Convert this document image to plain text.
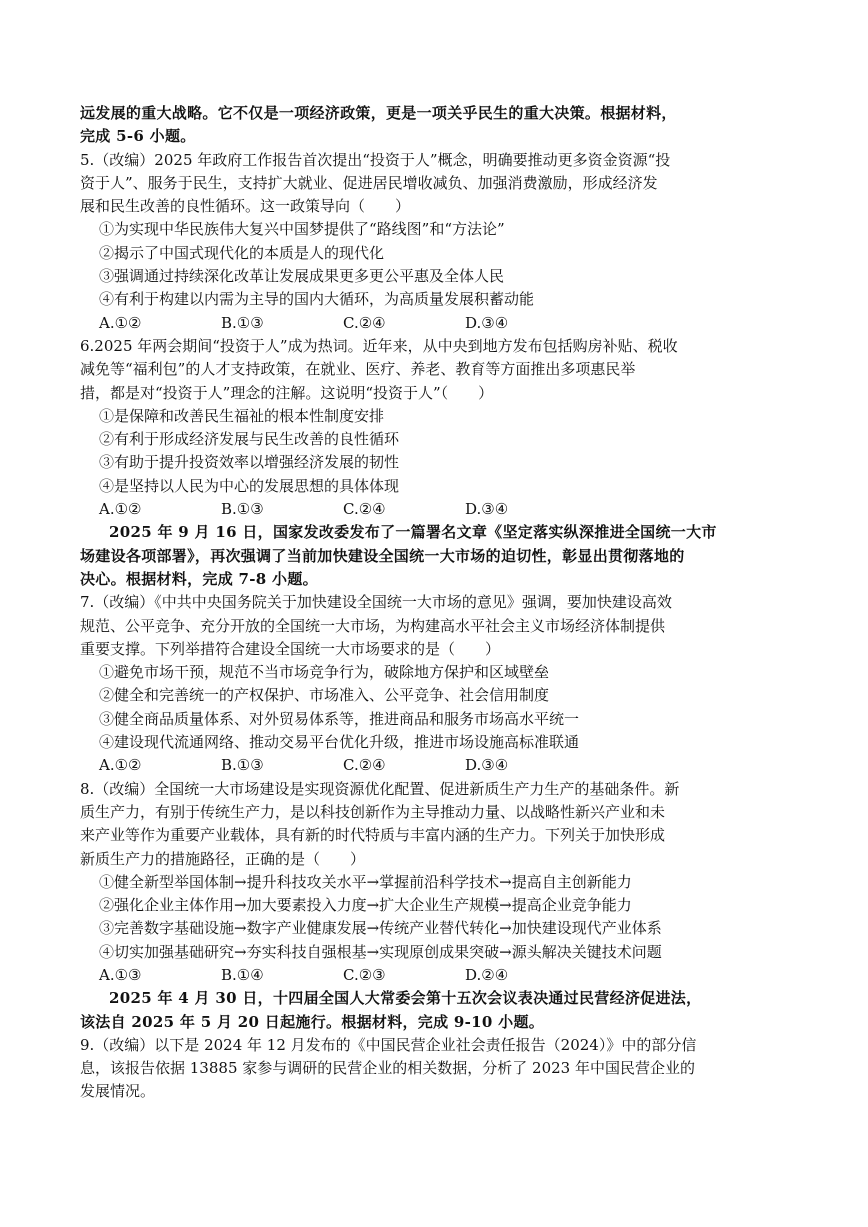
远发展的重大战略。它不仅是一项经济政策，更是一项关乎民生的重大决策。根据材料，
完成 5-6 小题。
5.（改编）2025 年政府工作报告首次提出“投资于人”概念，明确要推动更多资金资源“投
资于人”、服务于民生，支持扩大就业、促进居民增收减负、加强消费激励，形成经济发
展和民生改善的良性循环。这一政策导向（　　）
①为实现中华民族伟大复兴中国梦提供了“路线图”和“方法论”
②揭示了中国式现代化的本质是人的现代化
③强调通过持续深化改革让发展成果更多更公平惠及全体人民
④有利于构建以内需为主导的国内大循环，为高质量发展积蓄动能
A.①②	B.①③	C.②④	D.③④
6.2025 年两会期间“投资于人”成为热词。近年来，从中央到地方发布包括购房补贴、税收
减免等“福利包”的人才支持政策，在就业、医疗、养老、教育等方面推出多项惠民举
措，都是对“投资于人”理念的注解。这说明“投资于人”（　　）
①是保障和改善民生福祉的根本性制度安排
②有利于形成经济发展与民生改善的良性循环
③有助于提升投资效率以增强经济发展的韧性
④是坚持以人民为中心的发展思想的具体体现
A.①②	B.①③	C.②④	D.③④
2025 年 9 月 16 日，国家发改委发布了一篇署名文章《坚定落实纵深推进全国统一大市
场建设各项部署》，再次强调了当前加快建设全国统一大市场的迫切性，彰显出贯彻落地的
决心。根据材料，完成 7-8 小题。
7.（改编）《中共中央国务院关于加快建设全国统一大市场的意见》强调，要加快建设高效
规范、公平竞争、充分开放的全国统一大市场，为构建高水平社会主义市场经济体制提供
重要支撑。下列举措符合建设全国统一大市场要求的是（　　）
①避免市场干预，规范不当市场竞争行为，破除地方保护和区域壁垒
②健全和完善统一的产权保护、市场准入、公平竞争、社会信用制度
③健全商品质量体系、对外贸易体系等，推进商品和服务市场高水平统一
④建设现代流通网络、推动交易平台优化升级，推进市场设施高标准联通
A.①②	B.①③	C.②④	D.③④
8.（改编）全国统一大市场建设是实现资源优化配置、促进新质生产力生产的基础条件。新
质生产力，有别于传统生产力，是以科技创新作为主导推动力量、以战略性新兴产业和未
来产业等作为重要产业载体，具有新的时代特质与丰富内涵的生产力。下列关于加快形成
新质生产力的措施路径，正确的是（　　）
①健全新型举国体制→提升科技攻关水平→掌握前沿科学技术→提高自主创新能力
②强化企业主体作用→加大要素投入力度→扩大企业生产规模→提高企业竞争能力
③完善数字基础设施→数字产业健康发展→传统产业替代转化→加快建设现代产业体系
④切实加强基础研究→夯实科技自强根基→实现原创成果突破→源头解决关键技术问题
A.①③	B.①④	C.②③	D.②④
2025 年 4 月 30 日，十四届全国人大常委会第十五次会议表决通过民营经济促进法，
该法自 2025 年 5 月 20 日起施行。根据材料，完成 9-10 小题。
9.（改编）以下是 2024 年 12 月发布的《中国民营企业社会责任报告（2024）》中的部分信
息，该报告依据 13885 家参与调研的民营企业的相关数据，分析了 2023 年中国民营企业的
发展情况。
